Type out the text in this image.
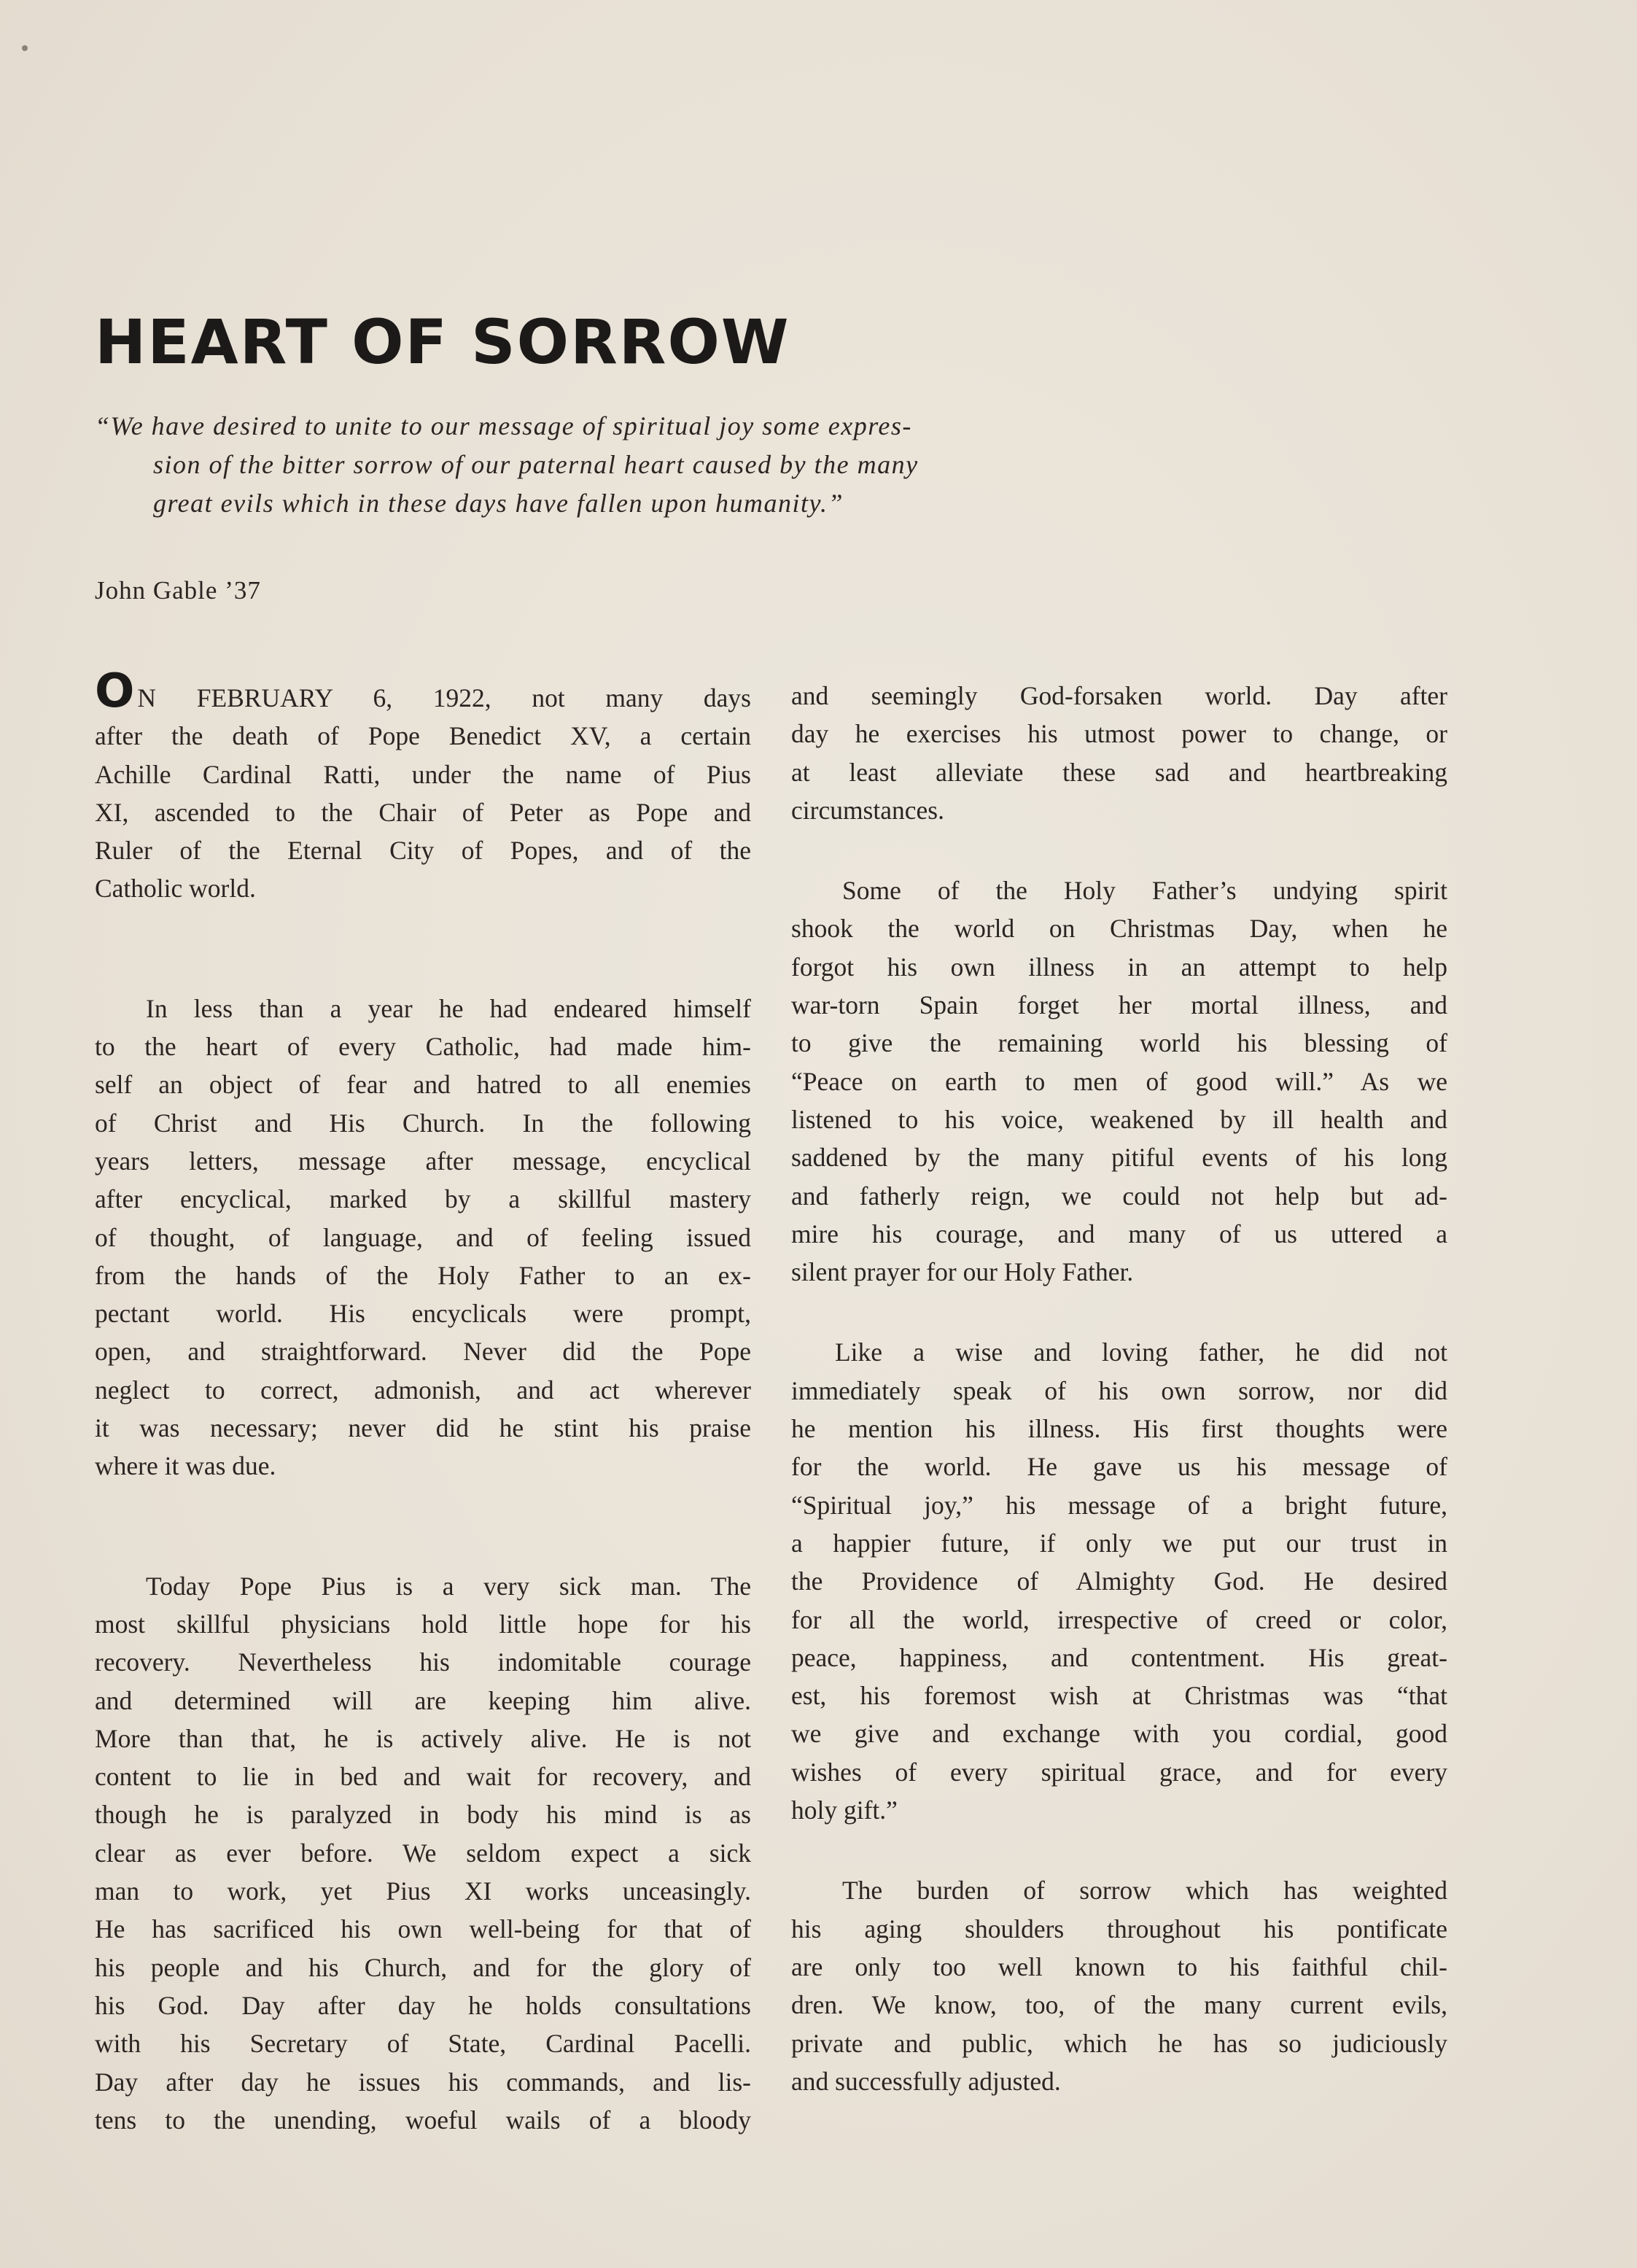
HEART OF SORROW
“We have desired to unite to our message of spiritual joy some expres-
sion of the bitter sorrow of our paternal heart caused by the many
great evils which in these days have fallen upon humanity.”
John Gable ’37

O N FEBRUARY 6, 1922, not many days
after the death of Pope Benedict XV, a certain
Achille Cardinal Ratti, under the name of Pius
XI, ascended to the Chair of Peter as Pope and
Ruler of the Eternal City of Popes, and of the
Catholic world.

In less than a year he had endeared himself
to the heart of every Catholic, had made him-
self an object of fear and hatred to all enemies
of Christ and His Church. In the following
years letters, message after message, encyclical
after encyclical, marked by a skillful mastery
of thought, of language, and of feeling issued
from the hands of the Holy Father to an ex-
pectant world. His encyclicals were prompt,
open, and straightforward. Never did the Pope
neglect to correct, admonish, and act wherever
it was necessary; never did he stint his praise
where it was due.

Today Pope Pius is a very sick man. The
most skillful physicians hold little hope for his
recovery. Nevertheless his indomitable courage
and determined will are keeping him alive.
More than that, he is actively alive. He is not
content to lie in bed and wait for recovery, and
though he is paralyzed in body his mind is as
clear as ever before. We seldom expect a sick
man to work, yet Pius XI works unceasingly.
He has sacrificed his own well-being for that of
his people and his Church, and for the glory of
his God. Day after day he holds consultations
with his Secretary of State, Cardinal Pacelli.
Day after day he issues his commands, and lis-
tens to the unending, woeful wails of a bloody

and seemingly God-forsaken world. Day after
day he exercises his utmost power to change, or
at least alleviate these sad and heartbreaking
circumstances.

Some of the Holy Father’s undying spirit
shook the world on Christmas Day, when he
forgot his own illness in an attempt to help
war-torn Spain forget her mortal illness, and
to give the remaining world his blessing of
“Peace on earth to men of good will.” As we
listened to his voice, weakened by ill health and
saddened by the many pitiful events of his long
and fatherly reign, we could not help but ad-
mire his courage, and many of us uttered a
silent prayer for our Holy Father.

Like a wise and loving father, he did not
immediately speak of his own sorrow, nor did
he mention his illness. His first thoughts were
for the world. He gave us his message of
“Spiritual joy,” his message of a bright future,
a happier future, if only we put our trust in
the Providence of Almighty God. He desired
for all the world, irrespective of creed or color,
peace, happiness, and contentment. His great-
est, his foremost wish at Christmas was “that
we give and exchange with you cordial, good
wishes of every spiritual grace, and for every
holy gift.”

The burden of sorrow which has weighted
his aging shoulders throughout his pontificate
are only too well known to his faithful chil-
dren. We know, too, of the many current evils,
private and public, which he has so judiciously
and successfully adjusted.
